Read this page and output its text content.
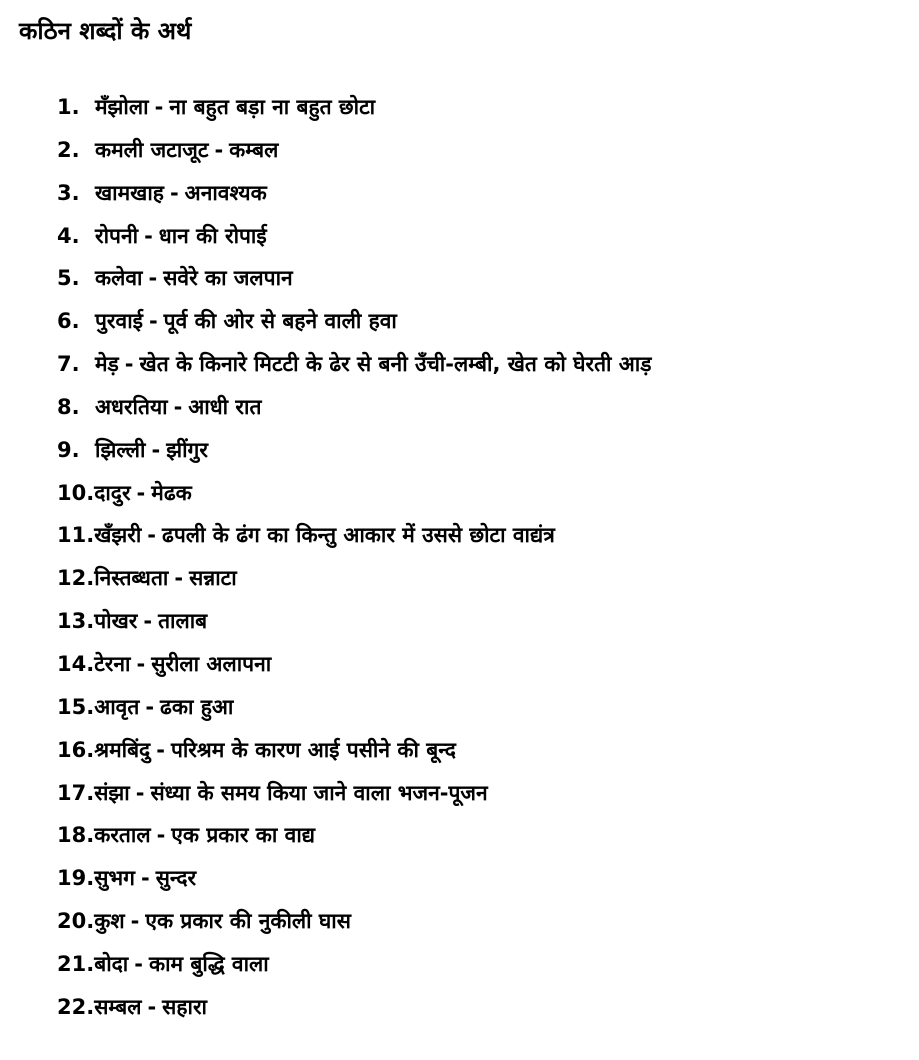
कठिन शब्दों के अर्थ
1. मँझोला - ना बहुत बड़ा ना बहुत छोटा
2. कमली जटाजूट - कम्बल
3. खामखाह - अनावश्यक
4. रोपनी - धान की रोपाई
5. कलेवा - सवेरे का जलपान
6. पुरवाई - पूर्व की ओर से बहने वाली हवा
7. मेड़ - खेत के किनारे मिटटी के ढेर से बनी उँची-लम्बी, खेत को घेरती आड़
8. अधरतिया - आधी रात
9. झिल्ली - झींगुर
10. दादुर - मेढक
11. खँझरी - ढपली के ढंग का किन्तु आकार में उससे छोटा वाद्यंत्र
12. निस्तब्धता - सन्नाटा
13. पोखर - तालाब
14. टेरना - सुरीला अलापना
15. आवृत - ढका हुआ
16. श्रमबिंदु - परिश्रम के कारण आई पसीने की बून्द
17. संझा - संध्या के समय किया जाने वाला भजन-पूजन
18. करताल - एक प्रकार का वाद्य
19. सुभग - सुन्दर
20. कुश - एक प्रकार की नुकीली घास
21. बोदा - काम बुद्धि वाला
22. सम्बल - सहारा
